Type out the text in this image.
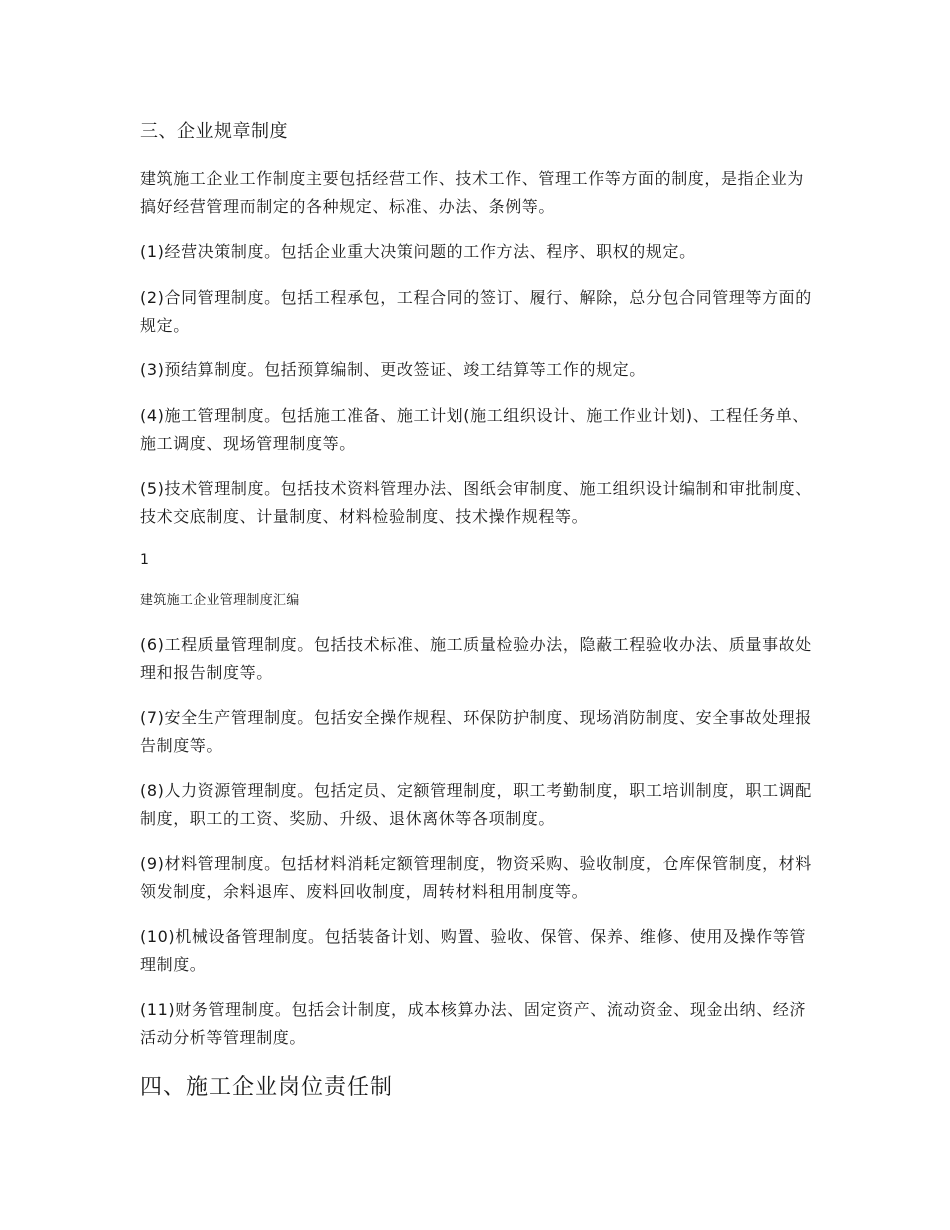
三、企业规章制度

建筑施工企业工作制度主要包括经营工作、技术工作、管理工作等方面的制度，是指企业为搞好经营管理而制定的各种规定、标准、办法、条例等。

(1)经营决策制度。包括企业重大决策问题的工作方法、程序、职权的规定。

(2)合同管理制度。包括工程承包，工程合同的签订、履行、解除，总分包合同管理等方面的规定。

(3)预结算制度。包括预算编制、更改签证、竣工结算等工作的规定。

(4)施工管理制度。包括施工准备、施工计划(施工组织设计、施工作业计划)、工程任务单、施工调度、现场管理制度等。

(5)技术管理制度。包括技术资料管理办法、图纸会审制度、施工组织设计编制和审批制度、技术交底制度、计量制度、材料检验制度、技术操作规程等。

1
建筑施工企业管理制度汇编

(6)工程质量管理制度。包括技术标准、施工质量检验办法，隐蔽工程验收办法、质量事故处理和报告制度等。

(7)安全生产管理制度。包括安全操作规程、环保防护制度、现场消防制度、安全事故处理报告制度等。

(8)人力资源管理制度。包括定员、定额管理制度，职工考勤制度，职工培训制度，职工调配制度，职工的工资、奖励、升级、退休离休等各项制度。

(9)材料管理制度。包括材料消耗定额管理制度，物资采购、验收制度，仓库保管制度，材料领发制度，余料退库、废料回收制度，周转材料租用制度等。

(10)机械设备管理制度。包括装备计划、购置、验收、保管、保养、维修、使用及操作等管理制度。

(11)财务管理制度。包括会计制度，成本核算办法、固定资产、流动资金、现金出纳、经济活动分析等管理制度。

四、施工企业岗位责任制
